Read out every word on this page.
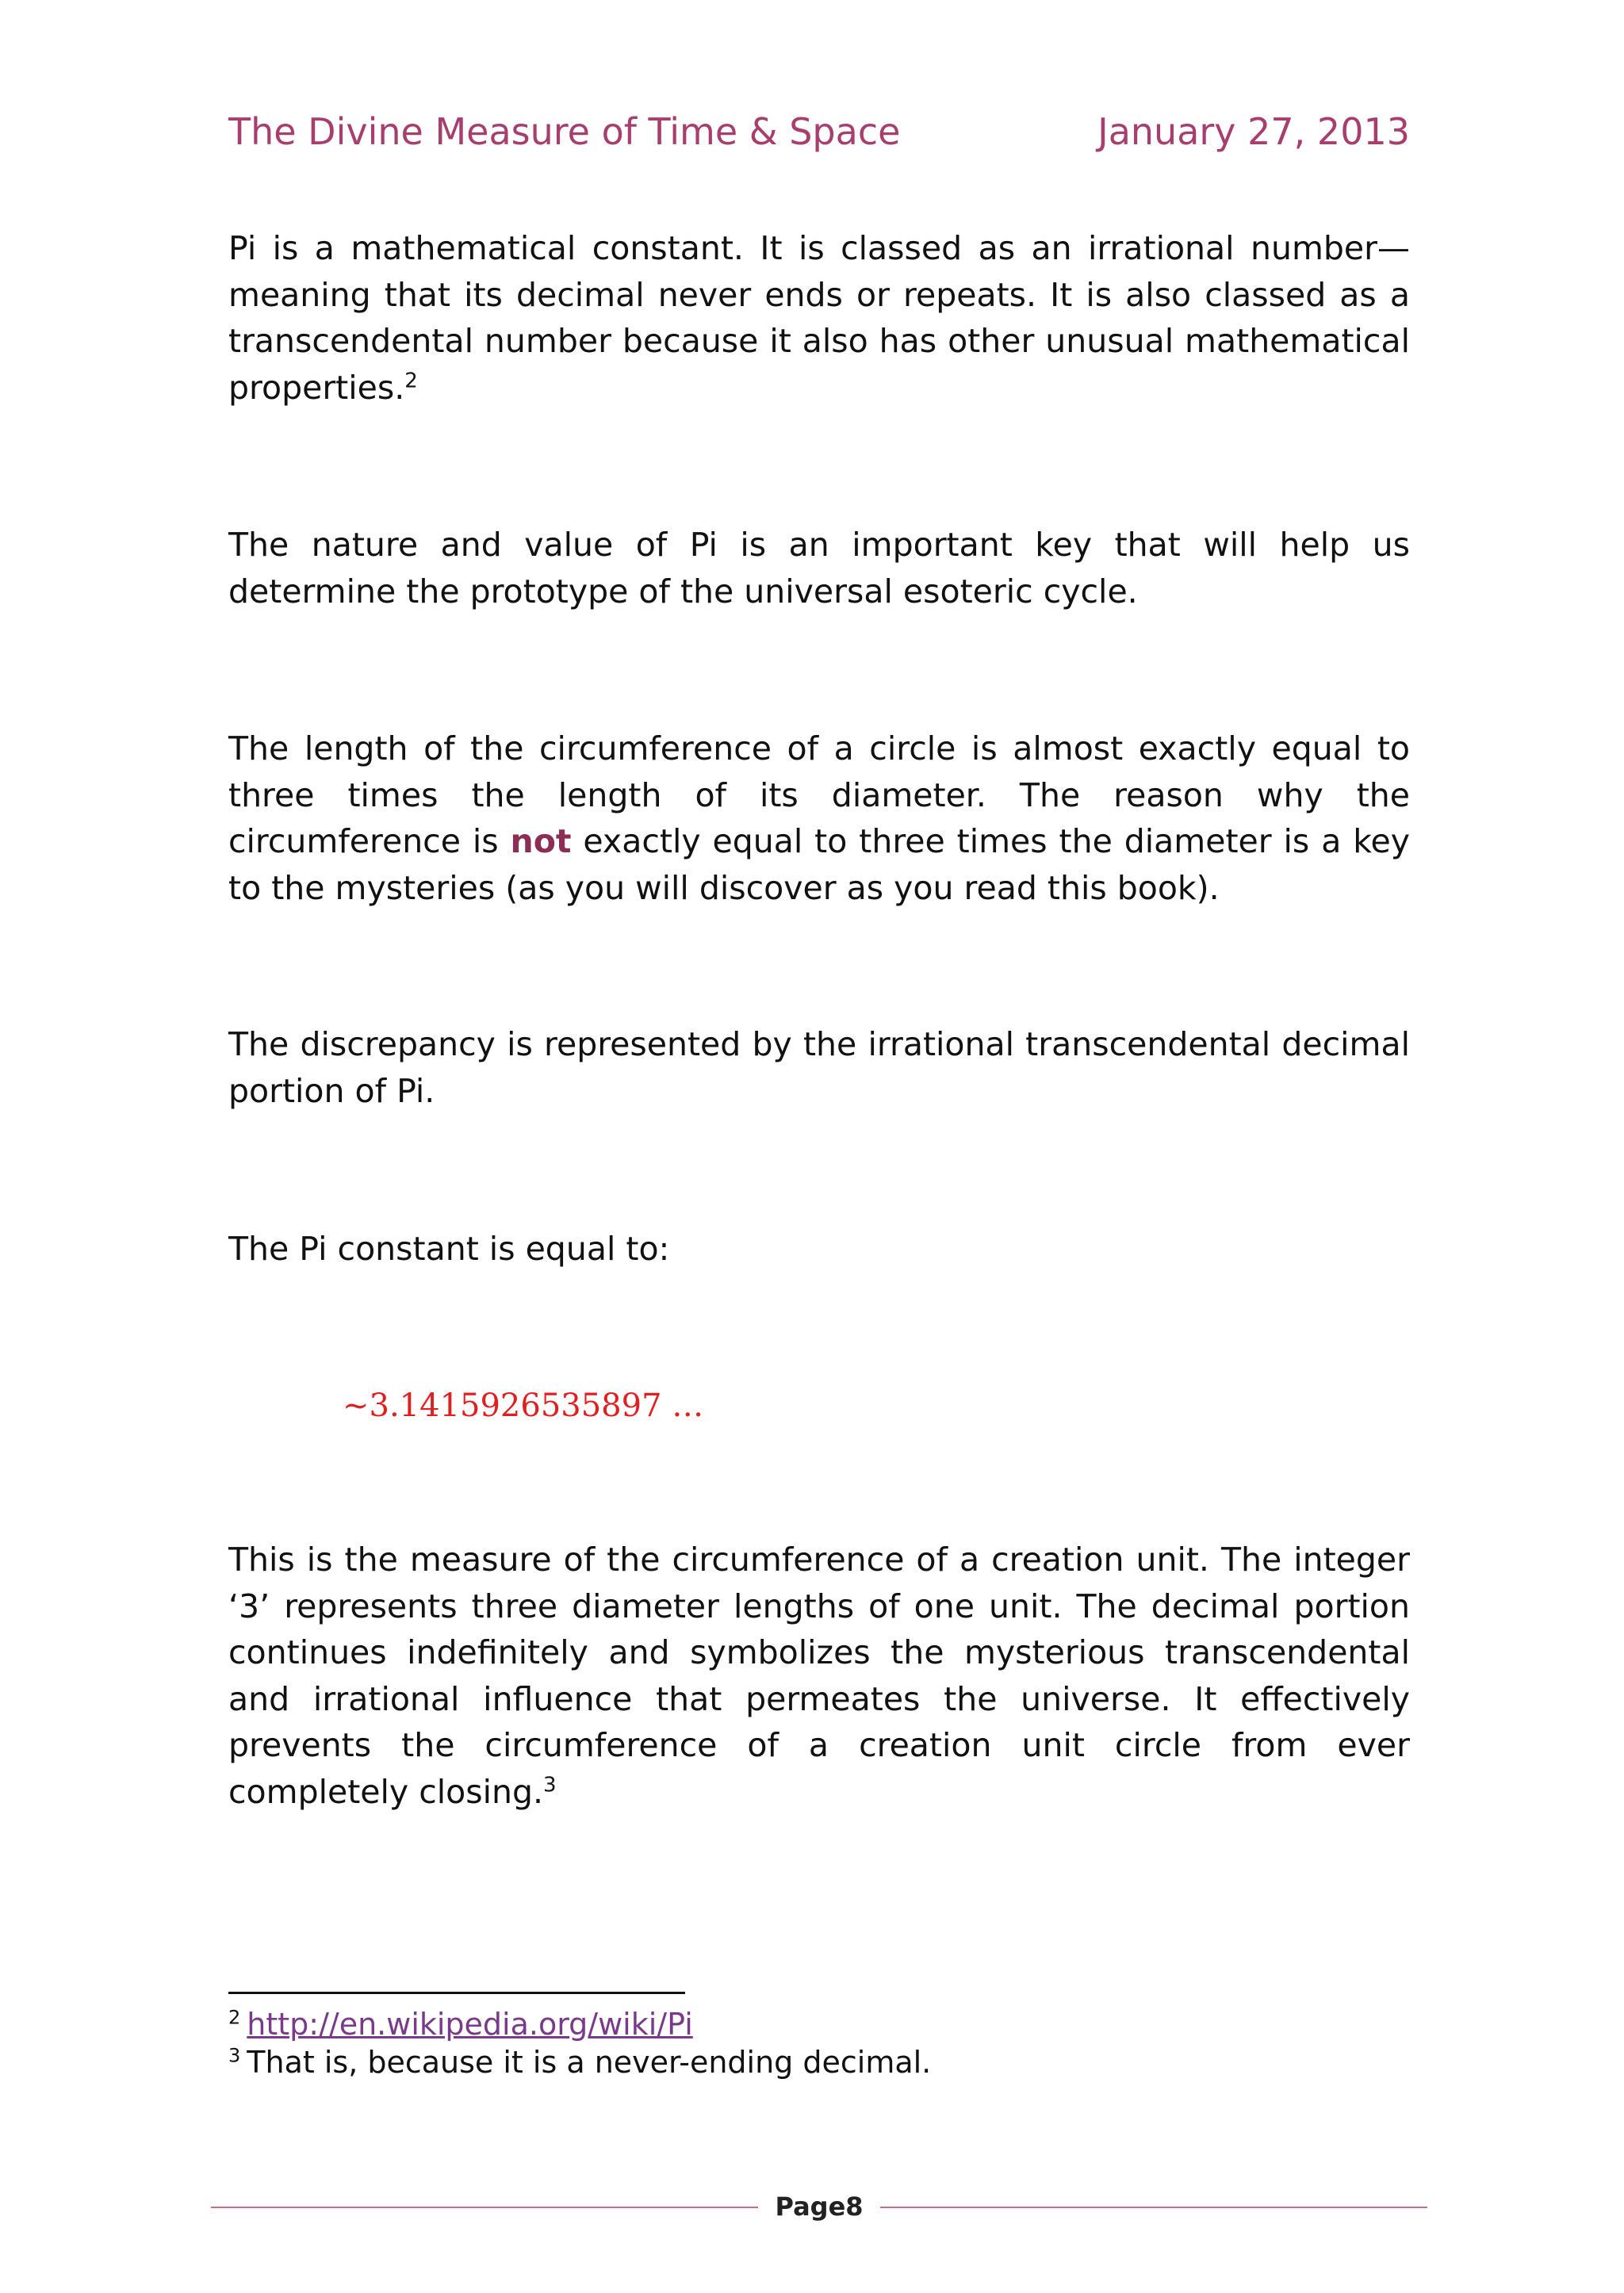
The Divine Measure of Time & Space	January 27, 2013

Pi is a mathematical constant. It is classed as an irrational number—meaning that its decimal never ends or repeats. It is also classed as a transcendental number because it also has other unusual mathematical properties.$^2$

The nature and value of Pi is an important key that will help us determine the prototype of the universal esoteric cycle.

The length of the circumference of a circle is almost exactly equal to three times the length of its diameter. The reason why the circumference is not exactly equal to three times the diameter is a key to the mysteries (as you will discover as you read this book).

The discrepancy is represented by the irrational transcendental decimal portion of Pi.

The Pi constant is equal to:

~3.1415926535897 …

This is the measure of the circumference of a creation unit. The integer ‘3’ represents three diameter lengths of one unit. The decimal portion continues indefinitely and symbolizes the mysterious transcendental and irrational influence that permeates the universe. It effectively prevents the circumference of a creation unit circle from ever completely closing.$^3$

$^2$ http://en.wikipedia.org/wiki/Pi
$^3$ That is, because it is a never-ending decimal.
Page8
